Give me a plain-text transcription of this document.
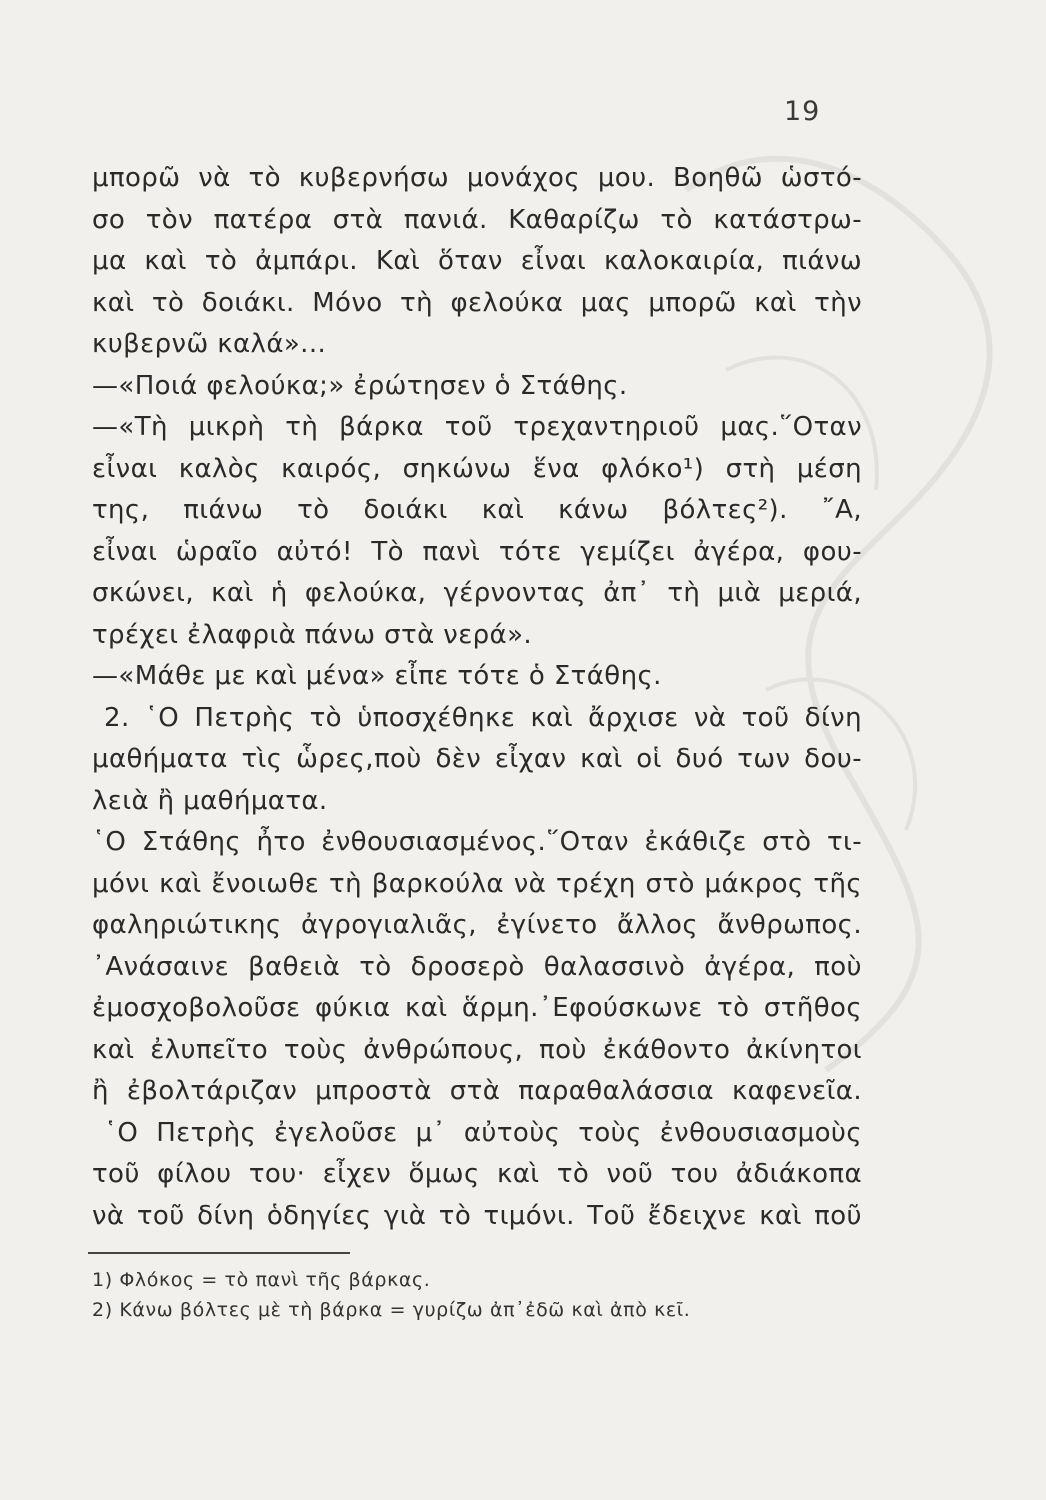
19
μπορῶ νὰ τὸ κυβερνήσω μονάχος μου. Βοηθῶ ὡστό-
σο τὸν πατέρα στὰ πανιά. Καθαρίζω τὸ κατάστρω-
μα καὶ τὸ ἀμπάρι. Καὶ ὅταν εἶναι καλοκαιρία, πιάνω
καὶ τὸ δοιάκι. Μόνο τὴ φελούκα μας μπορῶ καὶ τὴν
κυβερνῶ καλά»...
—«Ποιά φελούκα;» ἐρώτησεν ὁ Στάθης.
—«Τὴ μικρὴ τὴ βάρκα τοῦ τρεχαντηριοῦ μας.῞Οταν
εἶναι καλὸς καιρός, σηκώνω ἕνα φλόκο¹) στὴ μέση
της, πιάνω τὸ δοιάκι καὶ κάνω βόλτες²). ῎Α,
εἶναι ὡραῖο αὐτό! Τὸ πανὶ τότε γεμίζει ἀγέρα, φου-
σκώνει, καὶ ἡ φελούκα, γέρνοντας ἀπ᾿ τὴ μιὰ μεριά,
τρέχει ἐλαφριὰ πάνω στὰ νερά».
—«Μάθε με καὶ μένα» εἶπε τότε ὁ Στάθης.
2. ῾Ο Πετρὴς τὸ ὑποσχέθηκε καὶ ἄρχισε νὰ τοῦ δίνη
μαθήματα τὶς ὧρες,ποὺ δὲν εἶχαν καὶ οἱ δυό των δου-
λειὰ ἢ μαθήματα.
῾Ο Στάθης ἦτο ἐνθουσιασμένος.῞Οταν ἐκάθιζε στὸ τι-
μόνι καὶ ἔνοιωθε τὴ βαρκούλα νὰ τρέχη στὸ μάκρος τῆς
φαληριώτικης ἀγρογιαλιᾶς, ἐγίνετο ἄλλος ἄνθρωπος.
᾿Ανάσαινε βαθειὰ τὸ δροσερὸ θαλασσινὸ ἀγέρα, ποὺ
ἐμοσχοβολοῦσε φύκια καὶ ἅρμη.᾿Εφούσκωνε τὸ στῆθος
καὶ ἐλυπεῖτο τοὺς ἀνθρώπους, ποὺ ἐκάθοντο ἀκίνητοι
ἢ ἐβολτάριζαν μπροστὰ στὰ παραθαλάσσια καφενεῖα.
῾Ο Πετρὴς ἐγελοῦσε μ᾿ αὐτοὺς τοὺς ἐνθουσιασμοὺς
τοῦ φίλου του· εἶχεν ὅμως καὶ τὸ νοῦ του ἀδιάκοπα
νὰ τοῦ δίνη ὁδηγίες γιὰ τὸ τιμόνι. Τοῦ ἔδειχνε καὶ ποῦ
1) Φλόκος = τὸ πανὶ τῆς βάρκας.
2) Κάνω βόλτες μὲ τὴ βάρκα = γυρίζω ἀπ᾿ἐδῶ καὶ ἀπὸ κεῖ.
